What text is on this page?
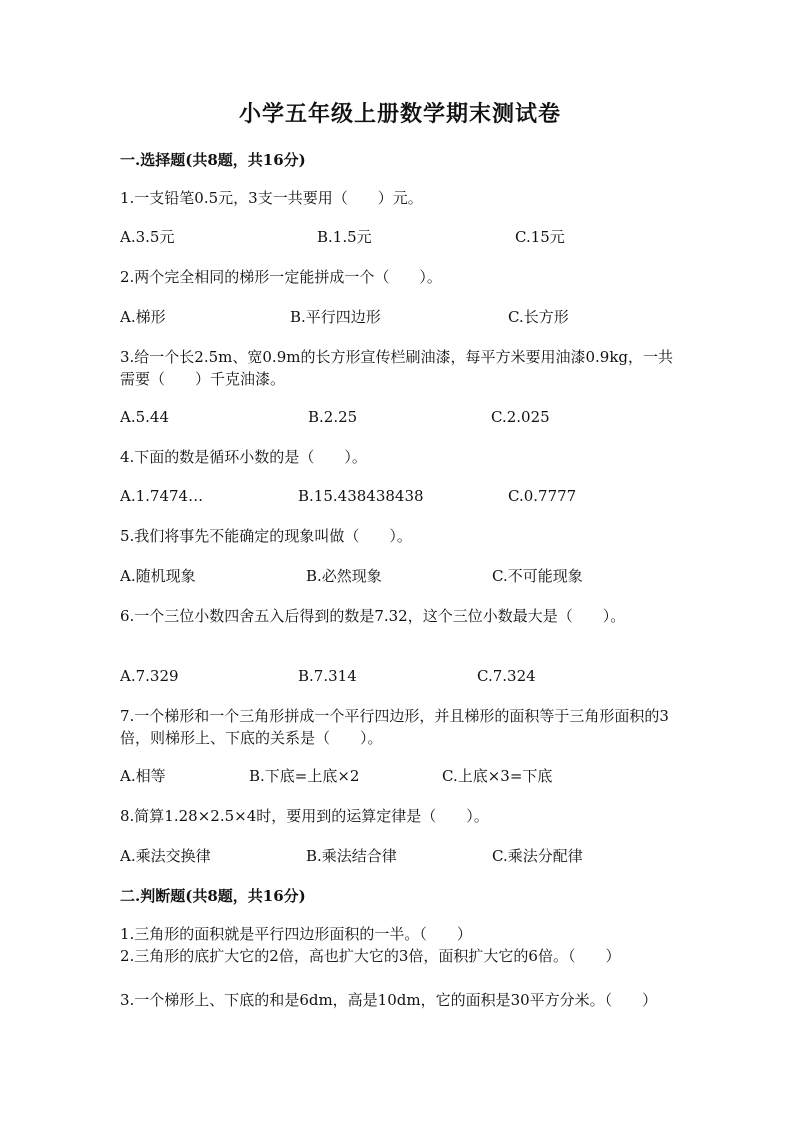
小学五年级上册数学期末测试卷
一.选择题(共8题，共16分)
1.一支铅笔0.5元，3支一共要用（　　）元。
A.3.5元	B.1.5元	C.15元
2.两个完全相同的梯形一定能拼成一个（　　）。
A.梯形	B.平行四边形	C.长方形
3.给一个长2.5m、宽0.9m的长方形宣传栏刷油漆，每平方米要用油漆0.9kg，一共需要（　　）千克油漆。
A.5.44	B.2.25	C.2.025
4.下面的数是循环小数的是（　　）。
A.1.7474…	B.15.438438438	C.0.7777
5.我们将事先不能确定的现象叫做（　　）。
A.随机现象	B.必然现象	C.不可能现象
6.一个三位小数四舍五入后得到的数是7.32，这个三位小数最大是（　　）。
A.7.329	B.7.314	C.7.324
7.一个梯形和一个三角形拼成一个平行四边形，并且梯形的面积等于三角形面积的3倍，则梯形上、下底的关系是（　　）。
A.相等	B.下底=上底×2	C.上底×3=下底
8.简算1.28×2.5×4时，要用到的运算定律是（　　）。
A.乘法交换律	B.乘法结合律	C.乘法分配律
二.判断题(共8题，共16分)
1.三角形的面积就是平行四边形面积的一半。（　　）
2.三角形的底扩大它的2倍，高也扩大它的3倍，面积扩大它的6倍。（　　）
3.一个梯形上、下底的和是6dm，高是10dm，它的面积是30平方分米。（　　）
